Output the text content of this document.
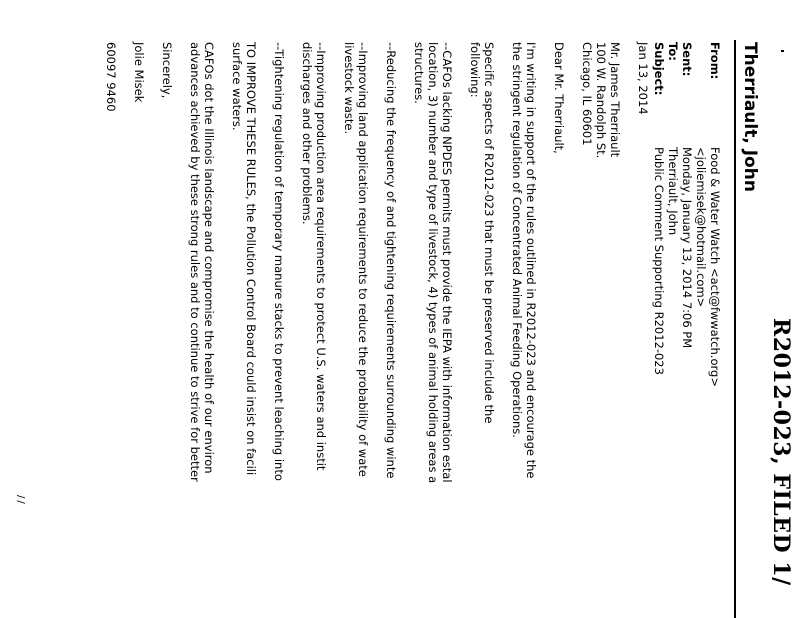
R2012-023, FILED 1/
Therriault, John
From:
Food & Water Watch <act@fwwatch.org>
<joliemisek@hotmail.com>
Sent:
Monday, January 13, 2014 7:06 PM
To:
Therriault, John
Subject:
Public Comment Supporting R2012-023

Jan 13, 2014

Mr. James Therriault
100 W. Randolph St.
Chicago, IL 60601

Dear Mr. Therriault,

I'm writing in support of the rules outlined in R2012-023 and encourage the
the stringent regulation of Concentrated Animal Feeding Operations.

Specific aspects of R2012-023 that must be preserved include the
following:

--CAFOs lacking NPDES permits must provide the IEPA with information estal
location, 3) number and type of livestock, 4) types of animal holding areas a
structures.

--Reducing the frequency of and tightening requirements surrounding winte

--Improving land application requirements to reduce the probability of wate
livestock waste.

--Improving production area requirements to protect U.S. waters and instit
discharges and other problems.

--Tightening regulation of temporary manure stacks to prevent leaching into

TO IMPROVE THESE RULES, the Pollution Control Board could insist on facili
surface waters.

CAFOs dot the Illinois landscape and compromise the health of our environ
advances achieved by these strong rules and to continue to strive for better

Sincerely,

Jolie Misek

60097 9460

//
